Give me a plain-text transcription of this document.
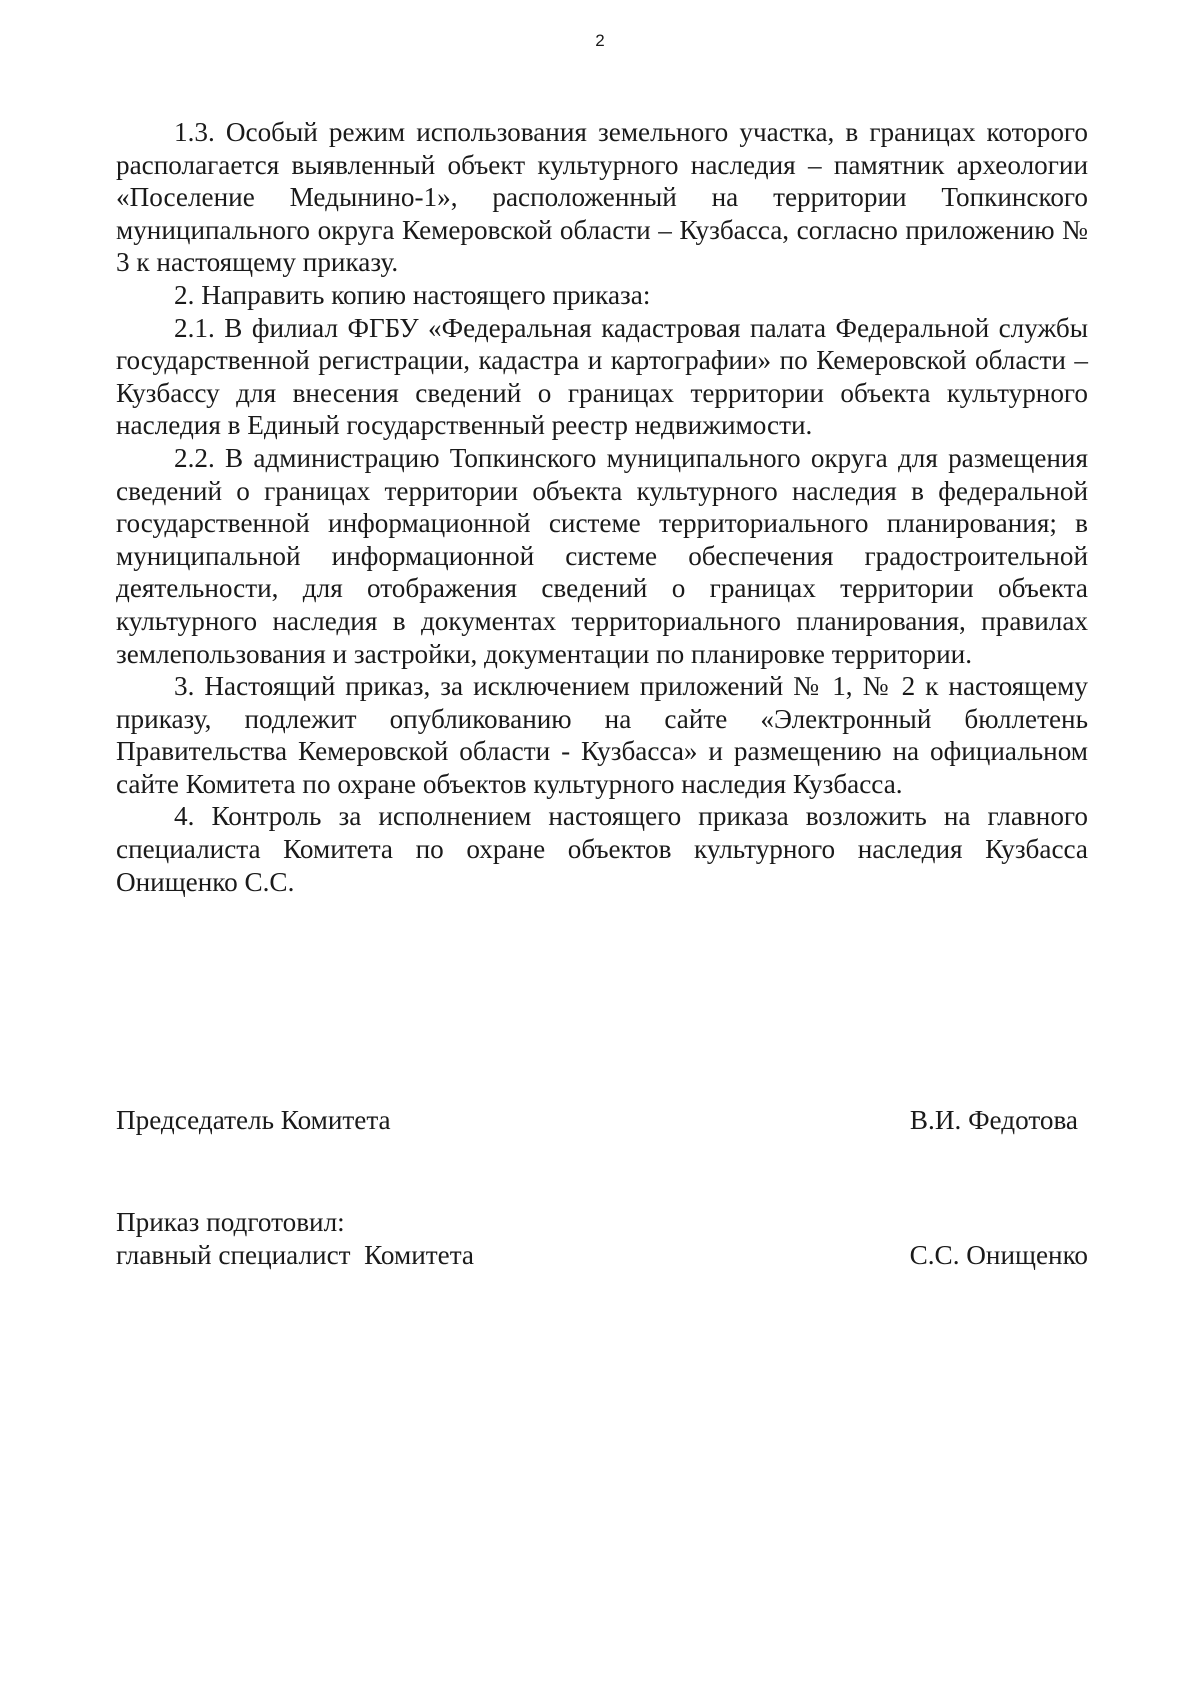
2

1.3. Особый режим использования земельного участка, в границах которого располагается выявленный объект культурного наследия – памятник археологии «Поселение Медынино-1», расположенный на территории Топкинского муниципального округа Кемеровской области – Кузбасса, согласно приложению № 3 к настоящему приказу.

2. Направить копию настоящего приказа:

2.1. В филиал ФГБУ «Федеральная кадастровая палата Федеральной службы государственной регистрации, кадастра и картографии» по Кемеровской области – Кузбассу для внесения сведений о границах территории объекта культурного наследия в Единый государственный реестр недвижимости.

2.2. В администрацию Топкинского муниципального округа для размещения сведений о границах территории объекта культурного наследия в федеральной государственной информационной системе территориального планирования; в муниципальной информационной системе обеспечения градостроительной деятельности, для отображения сведений о границах территории объекта культурного наследия в документах территориального планирования, правилах землепользования и застройки, документации по планировке территории.

3. Настоящий приказ, за исключением приложений № 1, № 2 к настоящему приказу, подлежит опубликованию на сайте «Электронный бюллетень Правительства Кемеровской области - Кузбасса» и размещению на официальном сайте Комитета по охране объектов культурного наследия Кузбасса.

4. Контроль за исполнением настоящего приказа возложить на главного специалиста Комитета по охране объектов культурного наследия Кузбасса Онищенко С.С.

Председатель Комитета	В.И. Федотова
Приказ подготовил:
главный специалист  Комитета	С.С. Онищенко
